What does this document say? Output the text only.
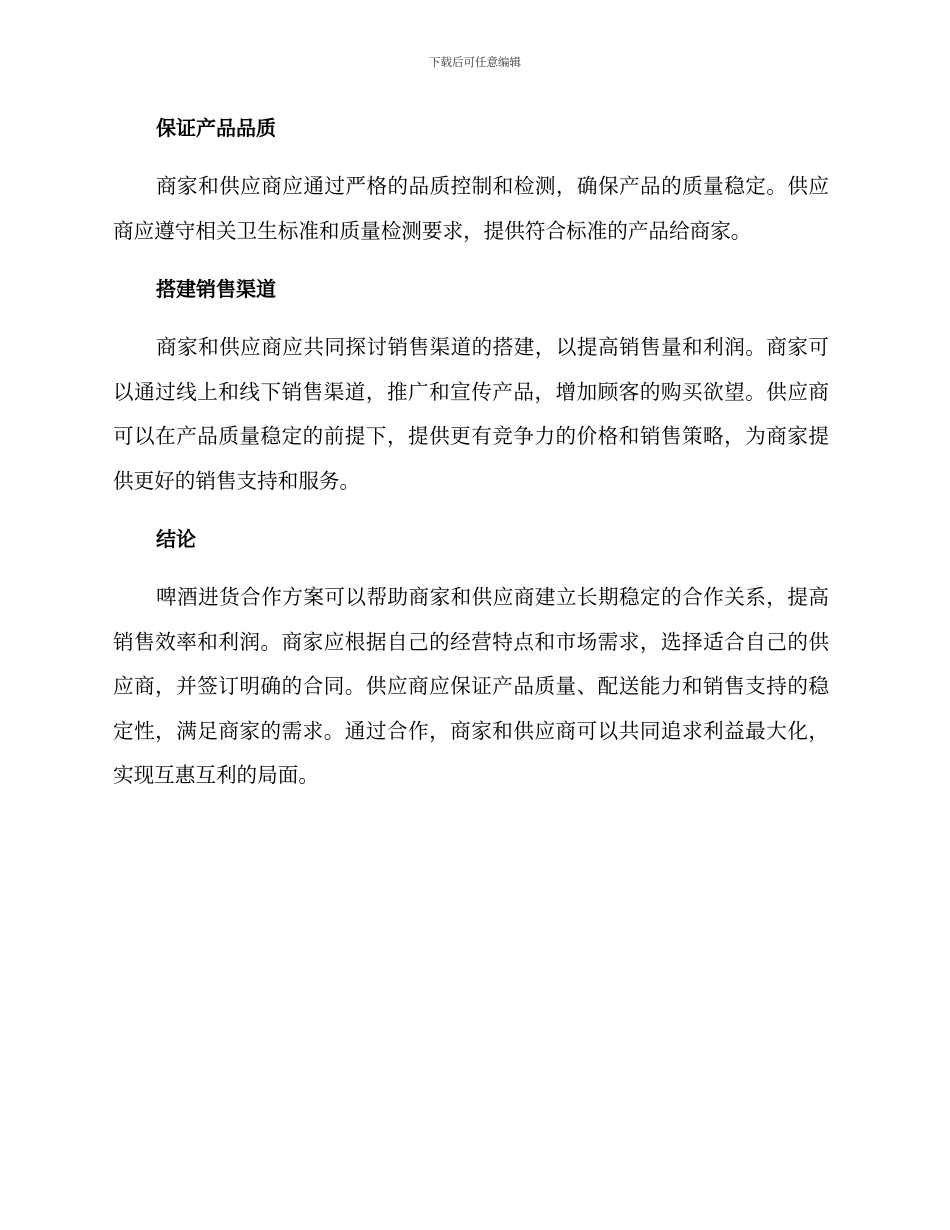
下载后可任意编辑
保证产品品质

商家和供应商应通过严格的品质控制和检测，确保产品的质量稳定。供应商应遵守相关卫生标准和质量检测要求，提供符合标准的产品给商家。

搭建销售渠道

商家和供应商应共同探讨销售渠道的搭建，以提高销售量和利润。商家可以通过线上和线下销售渠道，推广和宣传产品，增加顾客的购买欲望。供应商可以在产品质量稳定的前提下，提供更有竞争力的价格和销售策略，为商家提供更好的销售支持和服务。

结论

啤酒进货合作方案可以帮助商家和供应商建立长期稳定的合作关系，提高销售效率和利润。商家应根据自己的经营特点和市场需求，选择适合自己的供应商，并签订明确的合同。供应商应保证产品质量、配送能力和销售支持的稳定性，满足商家的需求。通过合作，商家和供应商可以共同追求利益最大化，实现互惠互利的局面。
